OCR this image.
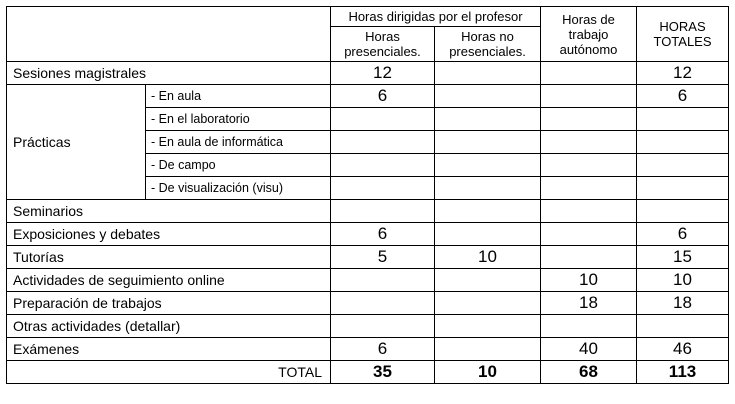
		Horas dirigidas por el profesor		Horas de trabajo autónomo	HORAS TOTALES
		Horas presenciales.	Horas no presenciales.		
Sesiones magistrales		12			12
Prácticas	- En aula	6			6
	- En el laboratorio				
	- En aula de informática				
	- De campo				
	- De visualización (visu)				
Seminarios					
Exposiciones y debates		6			6
Tutorías		5	10		15
Actividades de seguimiento online				10	10
Preparación de trabajos				18	18
Otras actividades (detallar)					
Exámenes		6		40	46
TOTAL		35	10	68	113
